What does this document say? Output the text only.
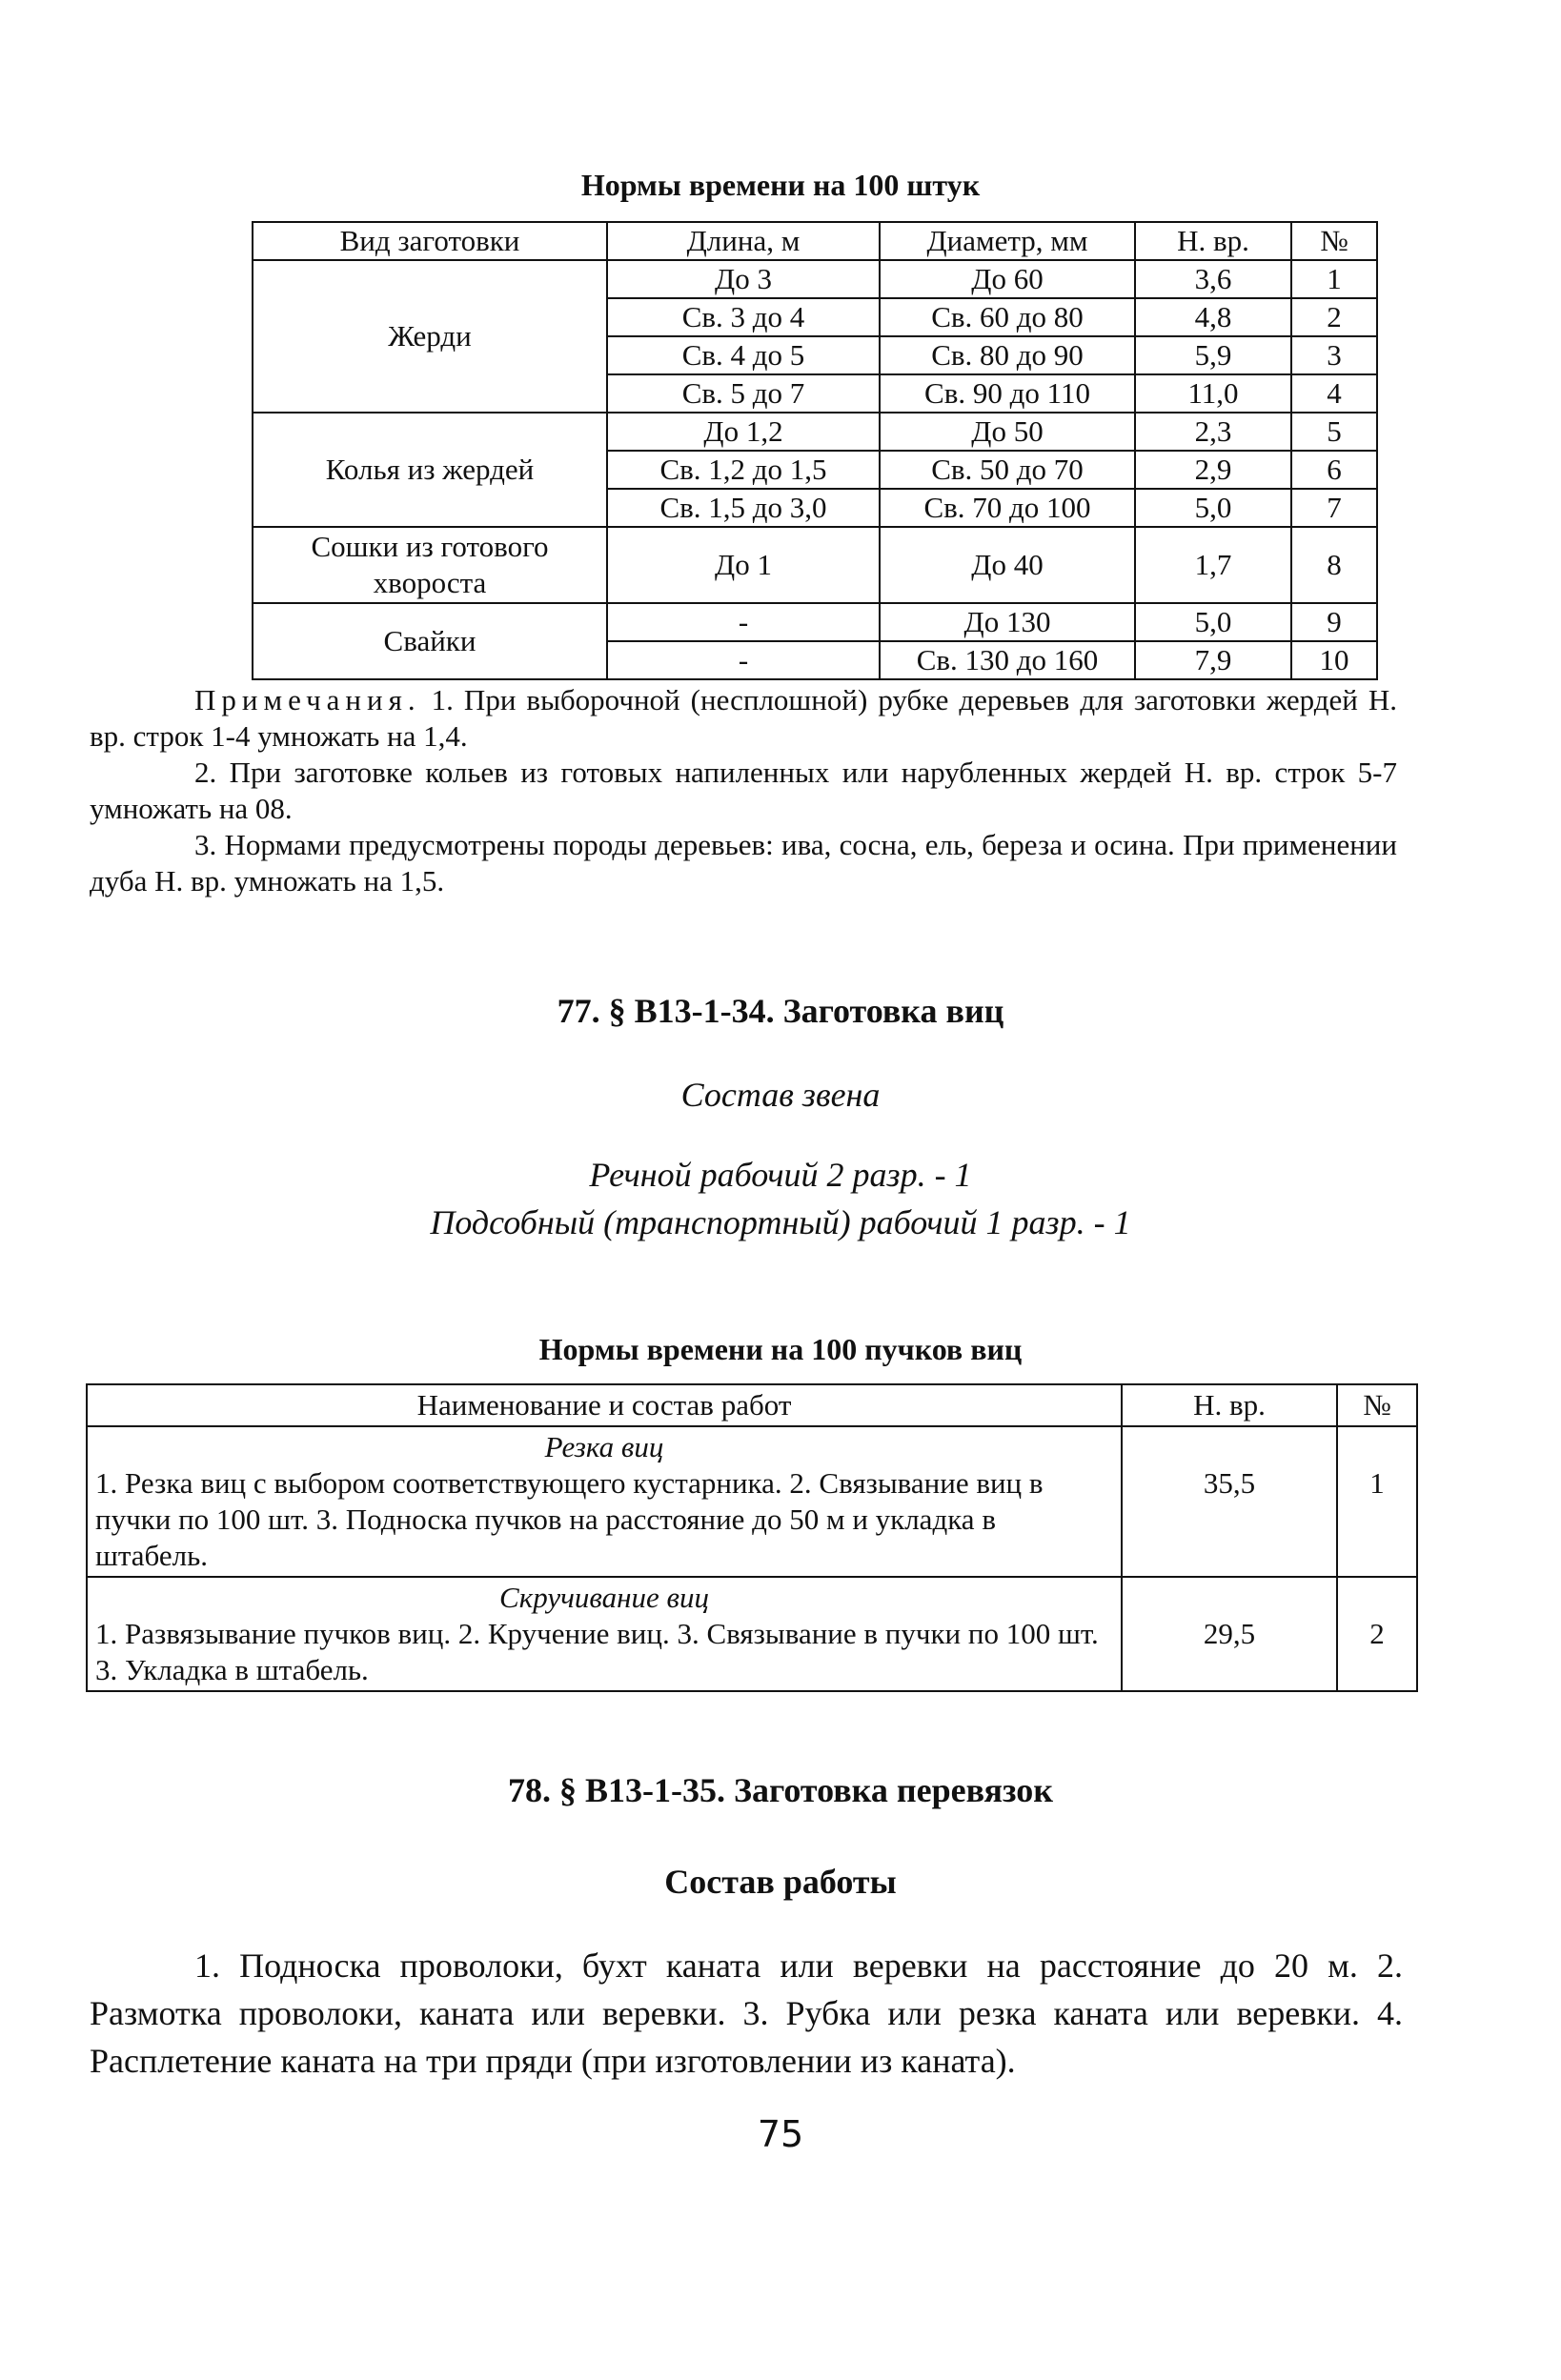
Нормы времени на 100 штук
Вид заготовки	Длина, м	Диаметр, мм	Н. вр.	№
Жерди	До 3	До 60	3,6	1
	Св. 3 до 4	Св. 60 до 80	4,8	2
	Св. 4 до 5	Св. 80 до 90	5,9	3
	Св. 5 до 7	Св. 90 до 110	11,0	4
Колья из жердей	До 1,2	До 50	2,3	5
	Св. 1,2 до 1,5	Св. 50 до 70	2,9	6
	Св. 1,5 до 3,0	Св. 70 до 100	5,0	7
Сошки из готового хвороста	До 1	До 40	1,7	8
Свайки	-	До 130	5,0	9
	-	Св. 130 до 160	7,9	10

Примечания. 1. При выборочной (несплошной) рубке деревьев для заготовки жердей Н. вр. строк 1-4 умножать на 1,4.

2. При заготовке кольев из готовых напиленных или нарубленных жердей Н. вр. строк 5-7 умножать на 08.

3. Нормами предусмотрены породы деревьев: ива, сосна, ель, береза и осина. При применении дуба Н. вр. умножать на 1,5.

77. § В13-1-34. Заготовка виц
Состав звена
Речной рабочий 2 разр. - 1
Подсобный (транспортный) рабочий 1 разр. - 1
Нормы времени на 100 пучков виц
Наименование и состав работ	Н. вр.	№

Резка виц
1. Резка виц с выбором соответствующего кустарника. 2. Связывание виц в пучки по 100 шт. 3. Подноска пучков на расстояние до 50 м и укладка в штабель.	35,5	1

Скручивание виц
1. Развязывание пучков виц. 2. Кручение виц. 3. Связывание в пучки по 100 шт. 3. Укладка в штабель.	29,5	2
78. § В13-1-35. Заготовка перевязок
Состав работы

1. Подноска проволоки, бухт каната или веревки на расстояние до 20 м. 2. Размотка проволоки, каната или веревки. 3. Рубка или резка каната или веревки. 4. Расплетение каната на три пряди (при изготовлении из каната).

75
